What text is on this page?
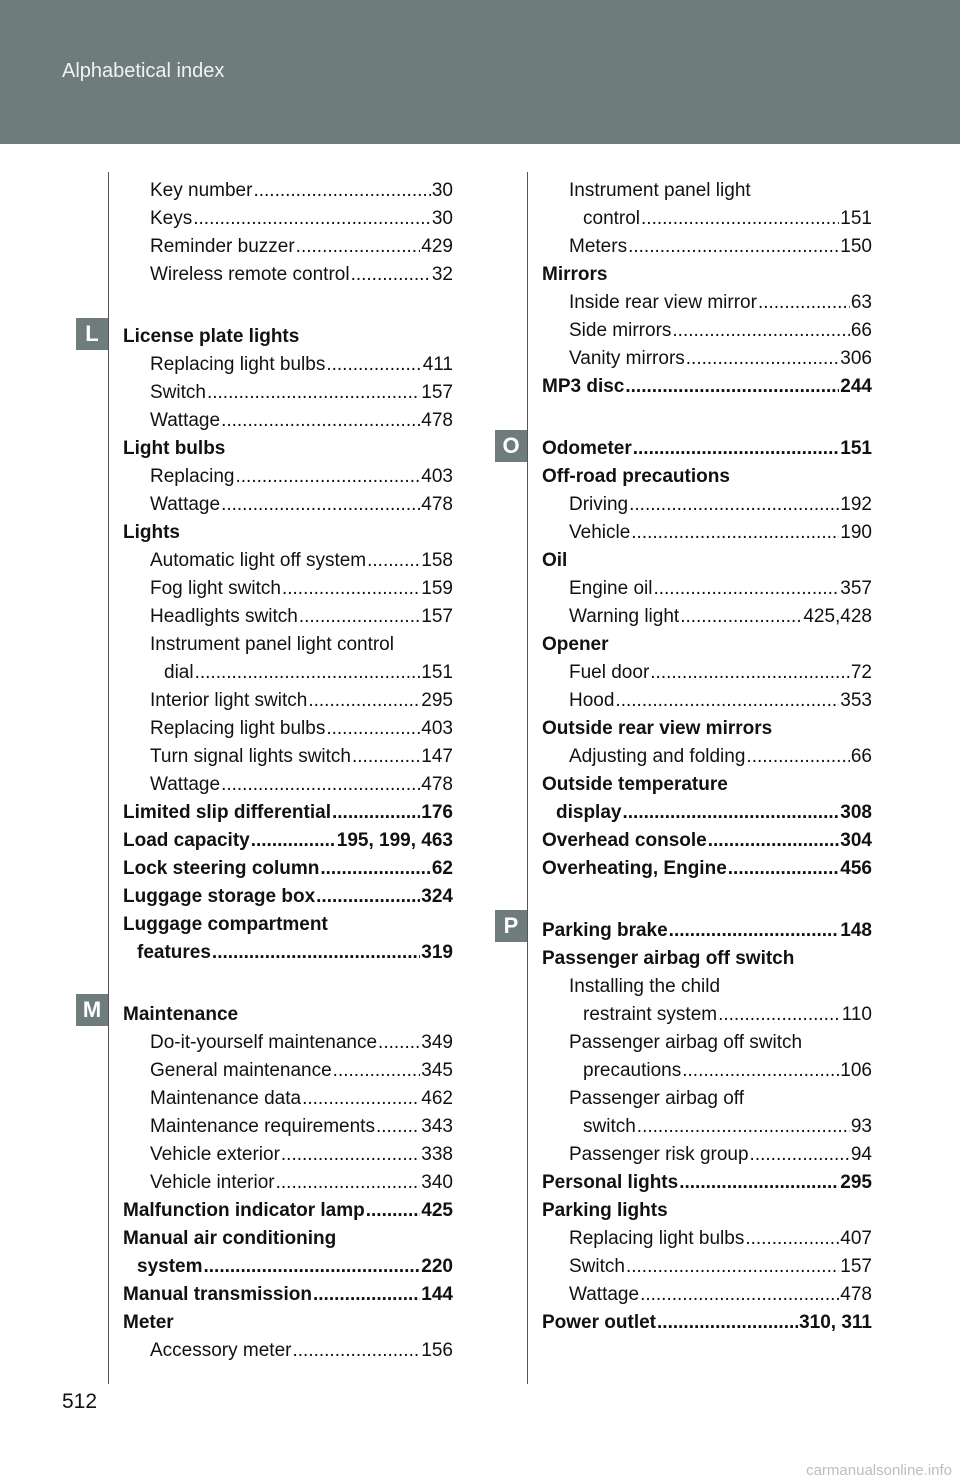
Alphabetical index
L
M
O
P
Key number .....	30
Keys .....	30
Reminder buzzer .....	429
Wireless remote control .....	32
License plate lights
Replacing light bulbs .....	411
Switch .....	157
Wattage .....	478
Light bulbs
Replacing .....	403
Wattage .....	478
Lights
Automatic light off system .....	158
Fog light switch .....	159
Headlights switch .....	157
Instrument panel light control
dial .....	151
Interior light switch .....	295
Replacing light bulbs .....	403
Turn signal lights switch .....	147
Wattage .....	478
Limited slip differential .....	176
Load capacity .....	195, 199, 463
Lock steering column .....	62
Luggage storage box .....	324
Luggage compartment
features .....	319
Maintenance
Do-it-yourself maintenance ..... 349
General maintenance .....	345
Maintenance data .....	462
Maintenance requirements ..... 343
Vehicle exterior .....	338
Vehicle interior .....	340
Malfunction indicator lamp .....	425
Manual air conditioning
system .....	220
Manual transmission .....	144
Meter
Accessory meter .....	156
Instrument panel light
control .....	151
Meters .....	150
Mirrors
Inside rear view mirror .....	63
Side mirrors .....	66
Vanity mirrors .....	306
MP3 disc .....	244
Odometer .....	151
Off-road precautions
Driving .....	192
Vehicle .....	190
Oil
Engine oil .....	357
Warning light .....	425,428
Opener
Fuel door .....	72
Hood .....	353
Outside rear view mirrors
Adjusting and folding .....	66
Outside temperature
display .....	308
Overhead console .....	304
Overheating, Engine .....	456
Parking brake .....	148
Passenger airbag off switch
Installing the child
restraint system .....	110
Passenger airbag off switch
precautions .....	106
Passenger airbag off
switch .....	93
Passenger risk group .....	94
Personal lights .....	295
Parking lights
Replacing light bulbs .....	407
Switch .....	157
Wattage .....	478
Power outlet .....	310, 311
512
carmanualsonline.info
